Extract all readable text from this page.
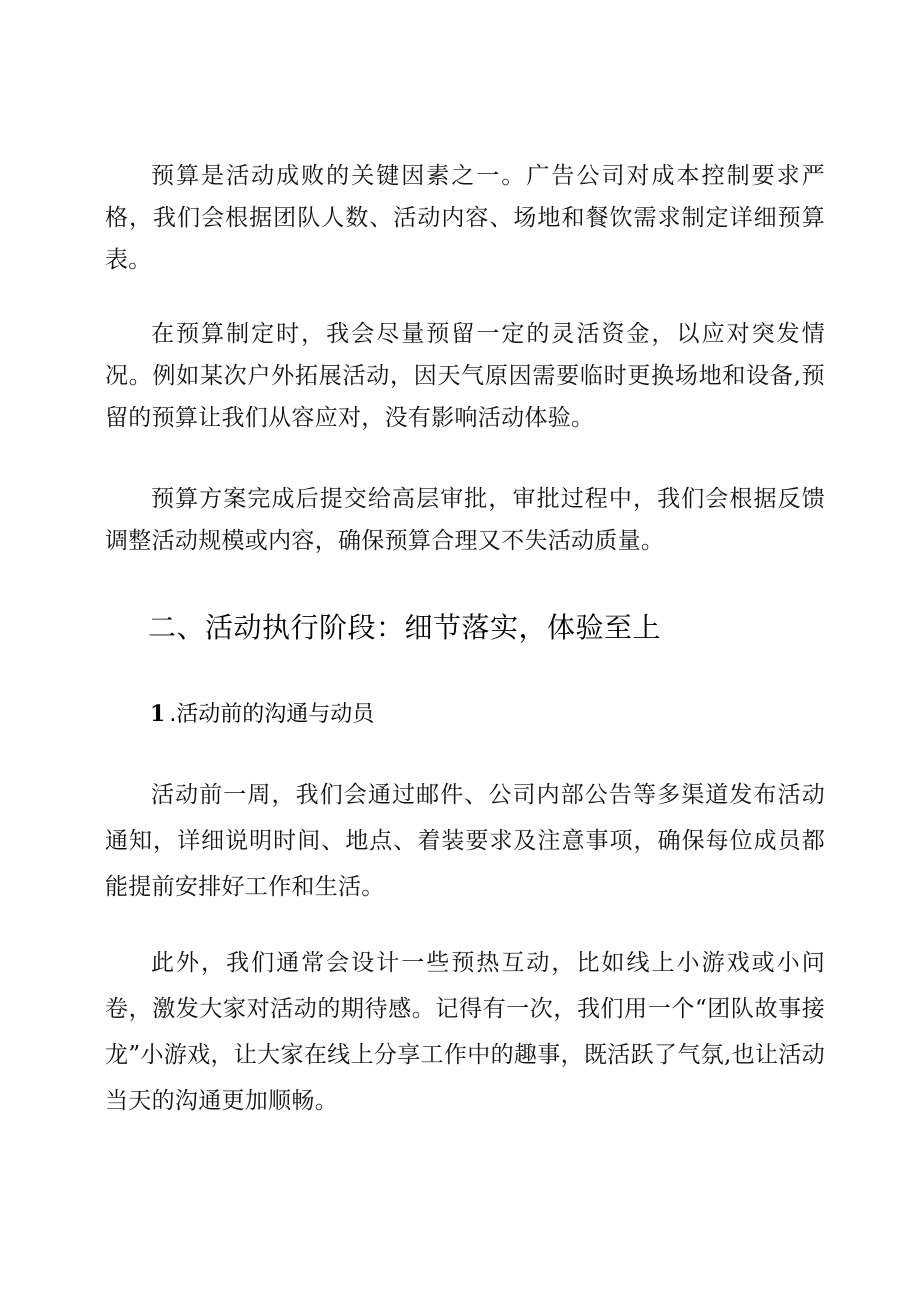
预算是活动成败的关键因素之一。广告公司对成本控制要求严格，我们会根据团队人数、活动内容、场地和餐饮需求制定详细预算表。

在预算制定时，我会尽量预留一定的灵活资金，以应对突发情况。例如某次户外拓展活动，因天气原因需要临时更换场地和设备,预留的预算让我们从容应对，没有影响活动体验。

预算方案完成后提交给高层审批，审批过程中，我们会根据反馈调整活动规模或内容，确保预算合理又不失活动质量。

二、活动执行阶段：细节落实，体验至上
1 .活动前的沟通与动员

活动前一周，我们会通过邮件、公司内部公告等多渠道发布活动通知，详细说明时间、地点、着装要求及注意事项，确保每位成员都能提前安排好工作和生活。

此外，我们通常会设计一些预热互动，比如线上小游戏或小问卷，激发大家对活动的期待感。记得有一次，我们用一个“团队故事接龙”小游戏，让大家在线上分享工作中的趣事，既活跃了气氛,也让活动当天的沟通更加顺畅。
